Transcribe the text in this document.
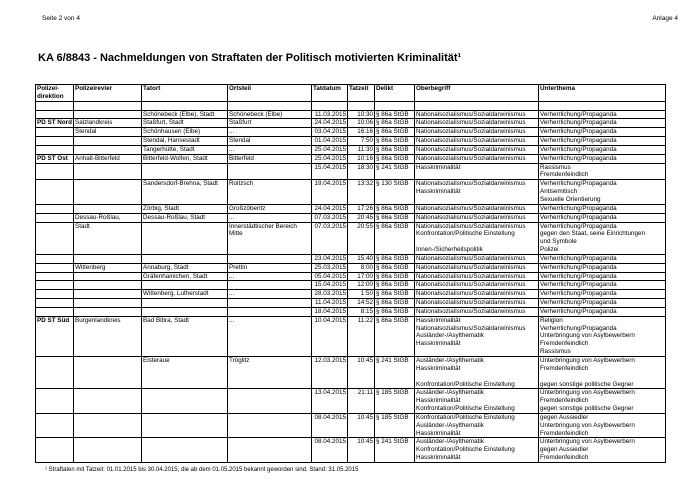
Seite 2 von 4	Anlage 4
KA 6/8843 - Nachmeldungen von Straftaten der Politisch motivierten Kriminalität¹
Polizei-
direktion	Polizeirevier	Tatort	Ortsteil	Tatdatum	Tatzeit	Delikt	Oberbegriff	Unterthema

		Schönebeck (Elbe), Stadt	Schönebeck (Elbe)	11.03.2015	10:30	§ 86a StGB	Nationalsozialismus/Sozialdarwinismus	Verherrlichung/Propaganda
PD ST Nord	Salzlandkreis	Staßfurt, Stadt	Staßfurt	24.04.2015	10:06	§ 86a StGB	Nationalsozialismus/Sozialdarwinismus	Verherrlichung/Propaganda
	Stendal	Schönhausen (Elbe)	...	03.04.2015	16:16	§ 86a StGB	Nationalsozialismus/Sozialdarwinismus	Verherrlichung/Propaganda
		Stendal, Hansestadt	Stendal	01.04.2015	7:50	§ 86a StGB	Nationalsozialismus/Sozialdarwinismus	Verherrlichung/Propaganda
		Tangerhütte, Stadt	...	25.04.2015	11:30	§ 86a StGB	Nationalsozialismus/Sozialdarwinismus	Verherrlichung/Propaganda
PD ST Ost	Anhalt-Bitterfeld	Bitterfeld-Wolfen, Stadt	Bitterfeld	25.04.2015	10:16	§ 86a StGB	Nationalsozialismus/Sozialdarwinismus	Verherrlichung/Propaganda
				15.04.2015	18:30	§ 241 StGB	Hasskriminalität	Rassismus
								Fremdenfeindlich
		Sandersdorf-Brehna, Stadt	Roitzsch	19.04.2015	13:32	§ 130 StGB	Nationalsozialismus/Sozialdarwinismus	Verherrlichung/Propaganda
							Hasskriminalität	Antisemitisch
								Sexuelle Orientierung
		Zörbig, Stadt	Großzöberitz	24.04.2015	17:26	§ 86a StGB	Nationalsozialismus/Sozialdarwinismus	Verherrlichung/Propaganda
	Dessau-Roßlau,	Dessau-Roßlau, Stadt	...	07.03.2015	20:45	§ 86a StGB	Nationalsozialismus/Sozialdarwinismus	Verherrlichung/Propaganda
	Stadt		Innerstädtischer Bereich	07.03.2015	20:55	§ 86a StGB	Nationalsozialismus/Sozialdarwinismus	Verherrlichung/Propaganda
			Mitte				Konfrontation/Politische Einstellung	gegen den Staat, seine Einrichtungen
								und Symbole
							Innen-/Sicherheitspolitik	Polizei
				23.04.2015	15:40	§ 86a StGB	Nationalsozialismus/Sozialdarwinismus	Verherrlichung/Propaganda
	Wittenberg	Annaburg, Stadt	Prettin	25.03.2015	8:00	§ 86a StGB	Nationalsozialismus/Sozialdarwinismus	Verherrlichung/Propaganda
		Gräfenhainichen, Stadt	...	05.04.2015	17:00	§ 86a StGB	Nationalsozialismus/Sozialdarwinismus	Verherrlichung/Propaganda
				15.04.2015	12:00	§ 86a StGB	Nationalsozialismus/Sozialdarwinismus	Verherrlichung/Propaganda
		Wittenberg, Lutherstadt	...	28.03.2015	1:50	§ 86a StGB	Nationalsozialismus/Sozialdarwinismus	Verherrlichung/Propaganda
				11.04.2015	14:52	§ 86a StGB	Nationalsozialismus/Sozialdarwinismus	Verherrlichung/Propaganda
				18.04.2015	8:15	§ 86a StGB	Nationalsozialismus/Sozialdarwinismus	Verherrlichung/Propaganda
PD ST Süd	Burgenlandkreis	Bad Bibra, Stadt	...	10.04.2015	11:22	§ 86a StGB	Hasskriminalität	Religion
							Nationalsozialismus/Sozialdarwinismus	Verherrlichung/Propaganda
							Ausländer-/Asylthematik	Unterbringung von Asylbewerbern
							Hasskriminalität	Fremdenfeindlich
								Rassismus
		Elsteraue	Tröglitz	12.03.2015	10:45	§ 241 StGB	Ausländer-/Asylthematik	Unterbringung von Asylbewerbern
							Hasskriminalität	Fremdenfeindlich

							Konfrontation/Politische Einstellung	gegen sonstige politische Gegner
				13.04.2015	21:11	§ 185 StGB	Ausländer-/Asylthematik	Unterbringung von Asylbewerbern
							Hasskriminalität	Fremdenfeindlich
							Konfrontation/Politische Einstellung	gegen sonstige politische Gegner
				08.04.2015	10:45	§ 185 StGB	Konfrontation/Politische Einstellung	gegen Aussiedler
							Ausländer-/Asylthematik	Unterbringung von Asylbewerbern
							Hasskriminalität	Fremdenfeindlich
				08.04.2015	10:45	§ 241 StGB	Ausländer-/Asylthematik	Unterbringung von Asylbewerbern
							Konfrontation/Politische Einstellung	gegen Aussiedler
							Hasskriminalität	Fremdenfeindlich
¹ Straftaten mit Tatzeit: 01.01.2015 bis 30.04.2015, die ab dem 01.05.2015 bekannt geworden sind. Stand: 31.05.2015
